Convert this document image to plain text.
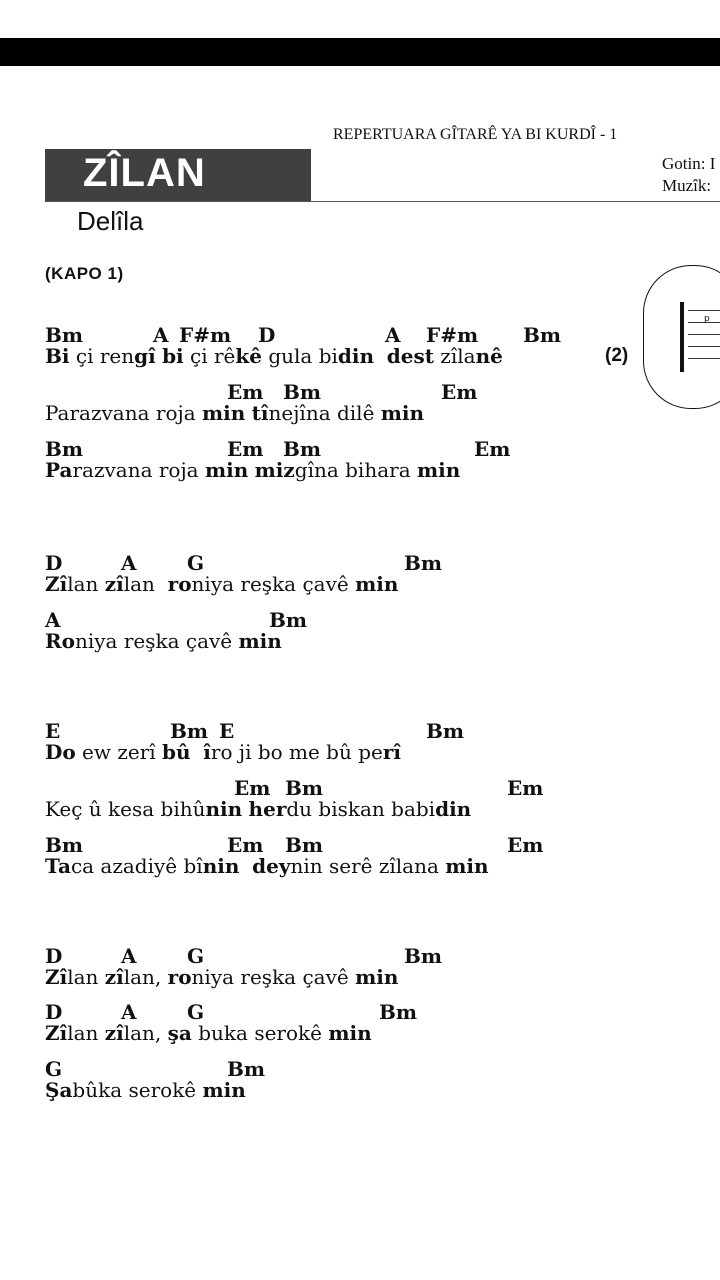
REPERTUARA GÎTARÊ YA BI KURDÎ - 1
ZÎLAN	Gotin: I
Muzîk:
Delîla
(KAPO 1)
(2)
p
Bm	A F#m D	A F#m Bm
Bi çi rengî bi çi rêkê gula bidin dest zîlanê
Em Bm	Em
Parazvana roja min tînejîna dilê min
Bm	Em Bm	Em
Parazvana roja min mizgîna bihara min
D	A	G	Bm
Zîlan zîlan  roniya reşka çavê min
A	Bm
Roniya reşka çavê min
E	Bm E	Bm
Do ew zerî bû îro ji bo me bû perî
Em Bm	Em
Keç û kesa bihûnin herdu biskan babidin
Bm	Em Bm	Em
Taca azadiyê bînin deynin serê zîlana min
D	A	G	Bm
Zîlan zîlan, roniya reşka çavê min
D	A	G	Bm
Zîlan zîlan, şa buka serokê min
G	Bm
Şabûka serokê min
